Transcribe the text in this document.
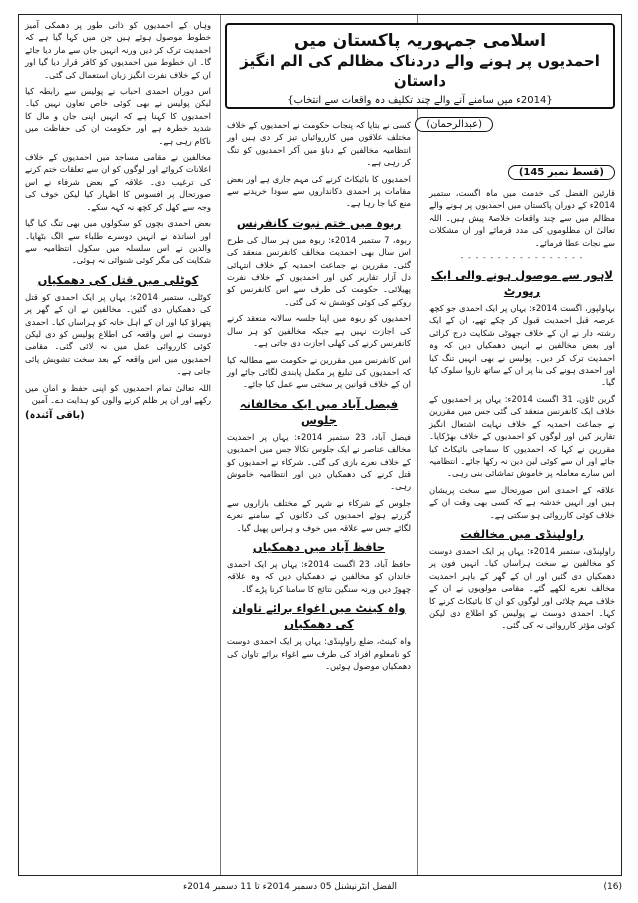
اسلامی جمہوریہ پاکستان میں
احمدیوں پر ہونے والے دردناک مظالم کی الم انگیز داستان
{2014ء میں سامنے آنے والے چند تکلیف دہ واقعات سے انتخاب}
(عبدالرحمان)
(قسط نمبر 145)

قارئین الفضل کی خدمت میں ماہ اگست، ستمبر 2014ء کے دوران پاکستان میں احمدیوں پر ہونے والے مظالم میں سے چند واقعات خلاصۃً پیش ہیں۔ اللہ تعالیٰ ان مظلوموں کی مدد فرمائے اور ان مشکلات سے نجات عطا فرمائے۔

- - - - - - - - - - - - - - - - -
لاہور سے موصول ہونے والی ایک رپورٹ

بہاولپور، اگست 2014ء: یہاں پر ایک احمدی جو کچھ عرصہ قبل احمدیت قبول کر چکے تھے، ان کے ایک رشتہ دار نے ان کے خلاف جھوٹی شکایت درج کرائی اور بعض مخالفین نے انہیں دھمکیاں دیں کہ وہ احمدیت ترک کر دیں۔ پولیس نے بھی انہیں تنگ کیا اور احمدی ہونے کی بنا پر ان کے ساتھ ناروا سلوک کیا گیا۔

گرین ٹاؤن، 31 اگست 2014ء: یہاں پر احمدیوں کے خلاف ایک کانفرنس منعقد کی گئی جس میں مقررین نے جماعت احمدیہ کے خلاف نہایت اشتعال انگیز تقاریر کیں اور لوگوں کو احمدیوں کے خلاف بھڑکایا۔ مقررین نے کہا کہ احمدیوں کا سماجی بائیکاٹ کیا جائے اور ان سے کوئی لین دین نہ رکھا جائے۔ انتظامیہ اس سارے معاملہ پر خاموش تماشائی بنی رہی۔

علاقہ کے احمدی اس صورتحال سے سخت پریشان ہیں اور انہیں خدشہ ہے کہ کسی بھی وقت ان کے خلاف کوئی کارروائی ہو سکتی ہے۔

راولپنڈی میں مخالفت

راولپنڈی، ستمبر 2014ء: یہاں پر ایک احمدی دوست کو مخالفین نے سخت ہراساں کیا۔ انہیں فون پر دھمکیاں دی گئیں اور ان کے گھر کے باہر احمدیت مخالف نعرے لکھے گئے۔ مقامی مولویوں نے ان کے خلاف مہم چلائی اور لوگوں کو ان کا بائیکاٹ کرنے کا کہا۔ احمدی دوست نے پولیس کو اطلاع دی لیکن کوئی مؤثر کارروائی نہ کی گئی۔

کسی نے بتایا کہ پنجاب حکومت نے احمدیوں کے خلاف مختلف علاقوں میں کارروائیاں تیز کر دی ہیں اور انتظامیہ مخالفین کے دباؤ میں آکر احمدیوں کو تنگ کر رہی ہے۔

احمدیوں کا بائیکاٹ کرنے کی مہم جاری ہے اور بعض مقامات پر احمدی دکانداروں سے سودا خریدنے سے منع کیا جا رہا ہے۔

ربوہ میں ختم نبوت کانفرنس

ربوہ، 7 ستمبر 2014ء: ربوہ میں ہر سال کی طرح اس سال بھی احمدیت مخالف کانفرنس منعقد کی گئی۔ مقررین نے جماعت احمدیہ کے خلاف انتہائی دل آزار تقاریر کیں اور احمدیوں کے خلاف نفرت پھیلائی۔ حکومت کی طرف سے اس کانفرنس کو روکنے کی کوئی کوشش نہ کی گئی۔

احمدیوں کو ربوہ میں اپنا جلسہ سالانہ منعقد کرنے کی اجازت نہیں ہے جبکہ مخالفین کو ہر سال کانفرنس کرنے کی کھلی اجازت دی جاتی ہے۔

اس کانفرنس میں مقررین نے حکومت سے مطالبہ کیا کہ احمدیوں کی تبلیغ پر مکمل پابندی لگائی جائے اور ان کے خلاف قوانین پر سختی سے عمل کیا جائے۔

فیصل آباد میں ایک مخالفانہ جلوس

فیصل آباد، 23 ستمبر 2014ء: یہاں پر احمدیت مخالف عناصر نے ایک جلوس نکالا جس میں احمدیوں کے خلاف نعرے بازی کی گئی۔ شرکاء نے احمدیوں کو قتل کرنے کی دھمکیاں دیں اور انتظامیہ خاموش رہی۔

جلوس کے شرکاء نے شہر کے مختلف بازاروں سے گزرتے ہوئے احمدیوں کی دکانوں کے سامنے نعرے لگائے جس سے علاقہ میں خوف و ہراس پھیل گیا۔

حافظ آباد میں دھمکیاں

حافظ آباد، 23 اگست 2014ء: یہاں پر ایک احمدی خاندان کو مخالفین نے دھمکیاں دیں کہ وہ علاقہ چھوڑ دیں ورنہ سنگین نتائج کا سامنا کرنا پڑے گا۔

واہ کینٹ میں اغواء برائے تاوان کی دھمکیاں

واہ کینٹ، ضلع راولپنڈی: یہاں پر ایک احمدی دوست کو نامعلوم افراد کی طرف سے اغواء برائے تاوان کی دھمکیاں موصول ہوئیں۔

وہاں کے احمدیوں کو ذاتی طور پر دھمکی آمیز خطوط موصول ہوئے ہیں جن میں کہا گیا ہے کہ احمدیت ترک کر دیں ورنہ انہیں جان سے مار دیا جائے گا۔ ان خطوط میں احمدیوں کو کافر قرار دیا گیا اور ان کے خلاف نفرت انگیز زبان استعمال کی گئی۔

اس دوران احمدی احباب نے پولیس سے رابطہ کیا لیکن پولیس نے بھی کوئی خاص تعاون نہیں کیا۔ احمدیوں کا کہنا ہے کہ انہیں اپنی جان و مال کا شدید خطرہ ہے اور حکومت ان کی حفاظت میں ناکام رہی ہے۔

مخالفین نے مقامی مساجد میں احمدیوں کے خلاف اعلانات کروائے اور لوگوں کو ان سے تعلقات ختم کرنے کی ترغیب دی۔ علاقہ کے بعض شرفاء نے اس صورتحال پر افسوس کا اظہار کیا لیکن خوف کی وجہ سے کھل کر کچھ نہ کہہ سکے۔

بعض احمدی بچوں کو سکولوں میں بھی تنگ کیا گیا اور اساتذہ نے انہیں دوسرے طلباء سے الگ بٹھایا۔ والدین نے اس سلسلہ میں سکول انتظامیہ سے شکایت کی مگر کوئی شنوائی نہ ہوئی۔

کوٹلی میں قتل کی دھمکیاں

کوٹلی، ستمبر 2014ء: یہاں پر ایک احمدی کو قتل کی دھمکیاں دی گئیں۔ مخالفین نے ان کے گھر پر پتھراؤ کیا اور ان کے اہل خانہ کو ہراساں کیا۔ احمدی دوست نے اس واقعہ کی اطلاع پولیس کو دی لیکن کوئی کارروائی عمل میں نہ لائی گئی۔ مقامی احمدیوں میں اس واقعہ کے بعد سخت تشویش پائی جاتی ہے۔

اللہ تعالیٰ تمام احمدیوں کو اپنی حفظ و امان میں رکھے اور ان پر ظلم کرنے والوں کو ہدایت دے۔ آمین

(باقی آئندہ)
(16)
الفضل انٹرنیشنل 05 دسمبر 2014ء تا 11 دسمبر 2014ء
